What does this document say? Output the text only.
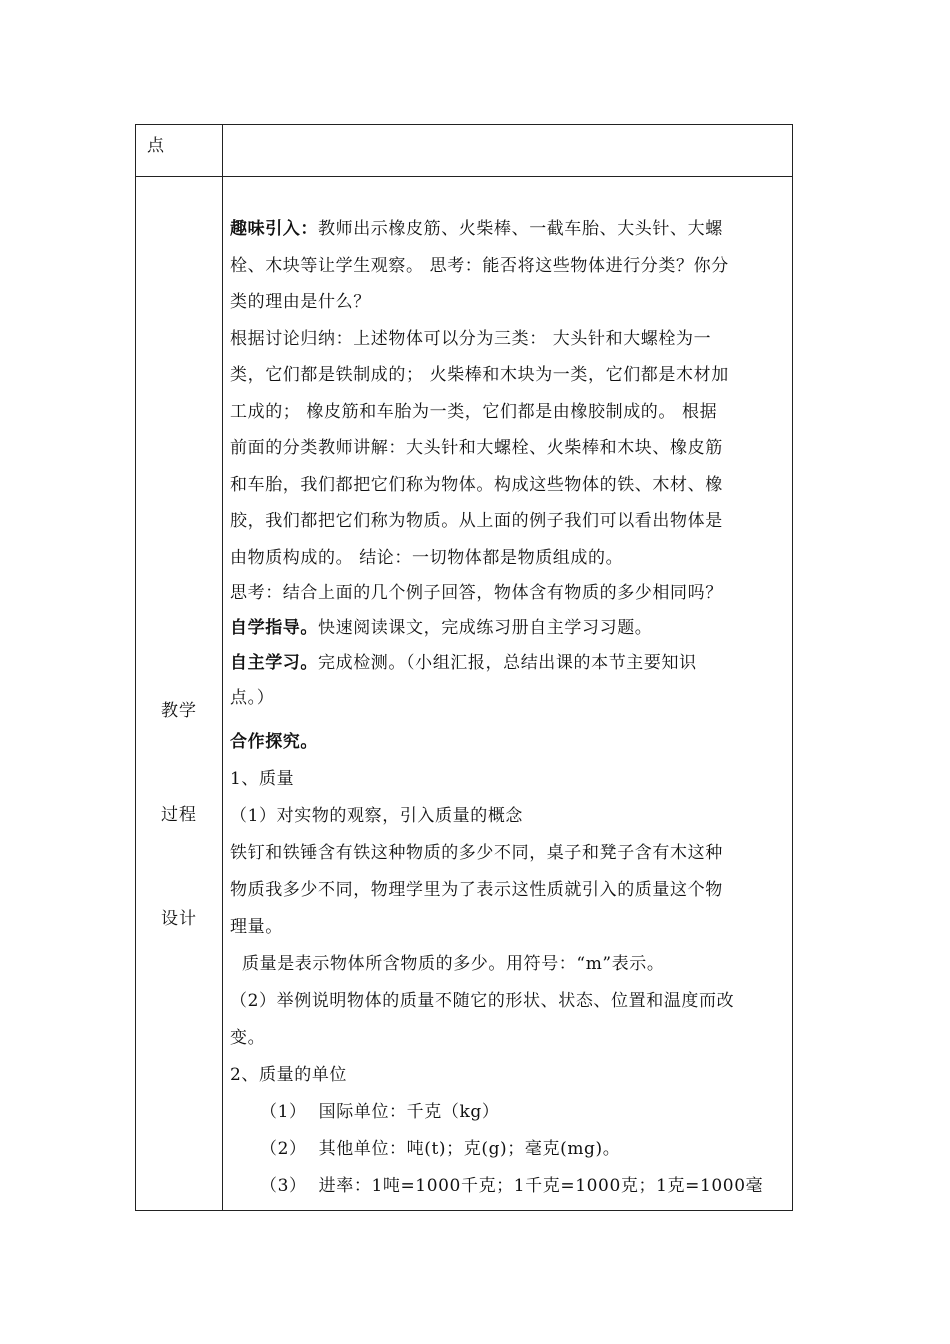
点
教学
过程
设计
趣味引入：教师出示橡皮筋、火柴棒、一截车胎、大头针、大螺
栓、木块等让学生观察。 思考：能否将这些物体进行分类？你分
类的理由是什么？
根据讨论归纳：上述物体可以分为三类： 大头针和大螺栓为一
类，它们都是铁制成的； 火柴棒和木块为一类，它们都是木材加
工成的； 橡皮筋和车胎为一类，它们都是由橡胶制成的。 根据
前面的分类教师讲解：大头针和大螺栓、火柴棒和木块、橡皮筋
和车胎，我们都把它们称为物体。构成这些物体的铁、木材、橡
胶，我们都把它们称为物质。从上面的例子我们可以看出物体是
由物质构成的。 结论：一切物体都是物质组成的。
思考：结合上面的几个例子回答，物体含有物质的多少相同吗？
自学指导。快速阅读课文，完成练习册自主学习习题。
自主学习。完成检测。（小组汇报，总结出课的本节主要知识
点。）
合作探究。
1、质量
（1）对实物的观察，引入质量的概念
铁钉和铁锤含有铁这种物质的多少不同，桌子和凳子含有木这种
物质我多少不同，物理学里为了表示这性质就引入的质量这个物
理量。
质量是表示物体所含物质的多少。用符号：“m”表示。
（2）举例说明物体的质量不随它的形状、状态、位置和温度而改
变。
2、质量的单位
（1）  国际单位：千克（kg）
（2）  其他单位：吨(t)；克(g)；毫克(mg)。
（3）  进率：1吨=1000千克；1千克=1000克；1克=1000毫
